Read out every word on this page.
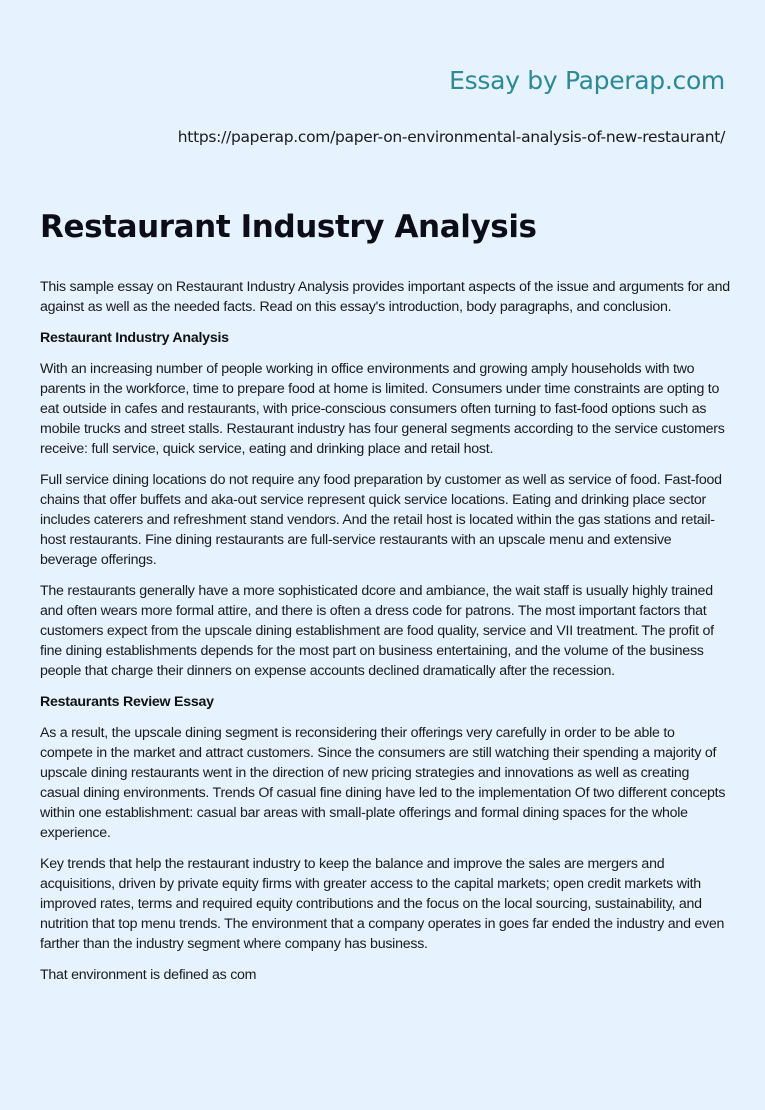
Essay by Paperap.com
https://paperap.com/paper-on-environmental-analysis-of-new-restaurant/
Restaurant Industry Analysis

This sample essay on Restaurant Industry Analysis provides important aspects of the issue and arguments for and against as well as the needed facts. Read on this essay's introduction, body paragraphs, and conclusion.

Restaurant Industry Analysis

With an increasing number of people working in office environments and growing amply households with two parents in the workforce, time to prepare food at home is limited. Consumers under time constraints are opting to eat outside in cafes and restaurants, with price-conscious consumers often turning to fast-food options such as mobile trucks and street stalls. Restaurant industry has four general segments according to the service customers receive: full service, quick service, eating and drinking place and retail host.

Full service dining locations do not require any food preparation by customer as well as service of food. Fast-food chains that offer buffets and aka-out service represent quick service locations. Eating and drinking place sector includes caterers and refreshment stand vendors. And the retail host is located within the gas stations and retail-host restaurants. Fine dining restaurants are full-service restaurants with an upscale menu and extensive beverage offerings.

The restaurants generally have a more sophisticated dcore and ambiance, the wait staff is usually highly trained and often wears more formal attire, and there is often a dress code for patrons. The most important factors that customers expect from the upscale dining establishment are food quality, service and VII treatment. The profit of fine dining establishments depends for the most part on business entertaining, and the volume of the business people that charge their dinners on expense accounts declined dramatically after the recession.

Restaurants Review Essay

As a result, the upscale dining segment is reconsidering their offerings very carefully in order to be able to compete in the market and attract customers. Since the consumers are still watching their spending a majority of upscale dining restaurants went in the direction of new pricing strategies and innovations as well as creating casual dining environments. Trends Of casual fine dining have led to the implementation Of two different concepts within one establishment: casual bar areas with small-plate offerings and formal dining spaces for the whole experience.

Key trends that help the restaurant industry to keep the balance and improve the sales are mergers and acquisitions, driven by private equity firms with greater access to the capital markets; open credit markets with improved rates, terms and required equity contributions and the focus on the local sourcing, sustainability, and nutrition that top menu trends. The environment that a company operates in goes far ended the industry and even farther than the industry segment where company has business.

That environment is defined as com
